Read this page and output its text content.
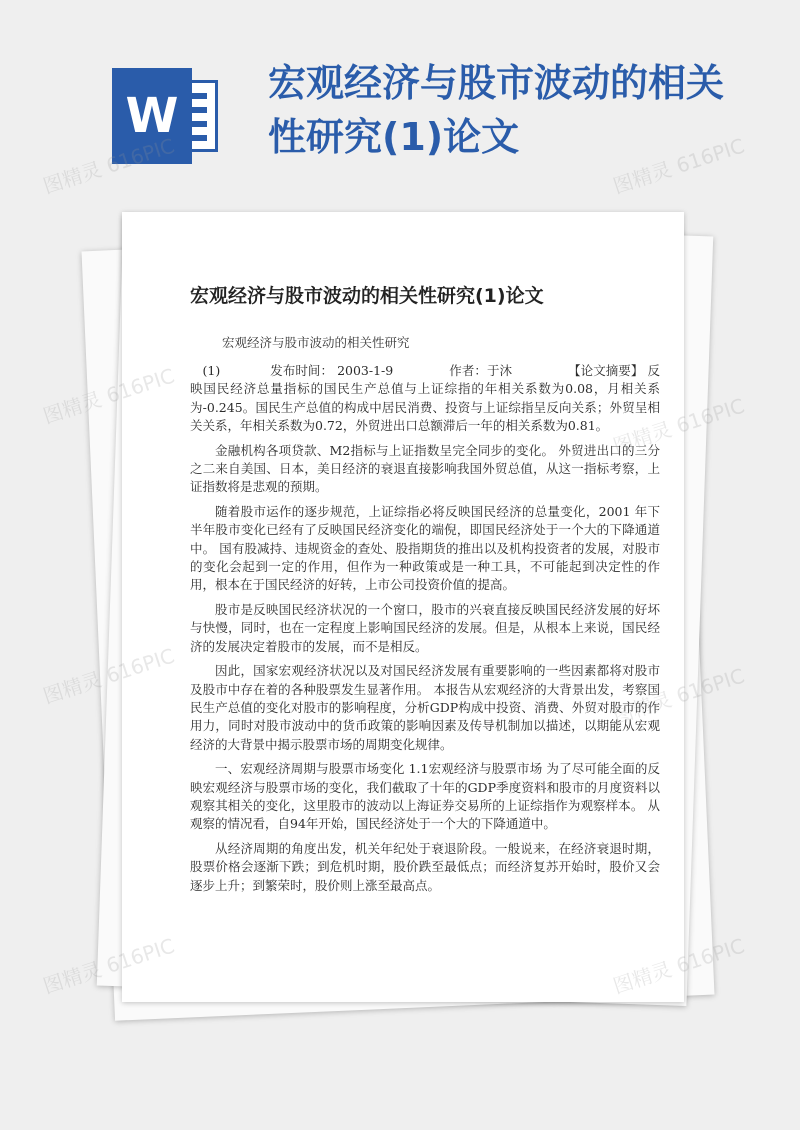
W
宏观经济与股市波动的相关性研究(1)论文
宏观经济与股市波动的相关性研究(1)论文

宏观经济与股市波动的相关性研究

(1)	发布时间： 2003-1-9	作者：于沐	【论文摘要】 反映国民经济总量指标的国民生产总值与上证综指的年相关系数为0.08，月相关系为-0.245。国民生产总值的构成中居民消费、投资与上证综指呈反向关系；外贸呈相关关系，年相关系数为0.72，外贸进出口总额滞后一年的相关系数为0.81。

金融机构各项贷款、M2指标与上证指数呈完全同步的变化。 外贸进出口的三分之二来自美国、日本，美日经济的衰退直接影响我国外贸总值，从这一指标考察，上证指数将是悲观的预期。

随着股市运作的逐步规范，上证综指必将反映国民经济的总量变化，2001 年下半年股市变化已经有了反映国民经济变化的端倪，即国民经济处于一个大的下降通道中。 国有股减持、违规资金的查处、股指期货的推出以及机构投资者的发展，对股市的变化会起到一定的作用，但作为一种政策或是一种工具，不可能起到决定性的作用，根本在于国民经济的好转，上市公司投资价值的提高。

股市是反映国民经济状况的一个窗口，股市的兴衰直接反映国民经济发展的好坏与快慢，同时，也在一定程度上影响国民经济的发展。但是，从根本上来说，国民经济的发展决定着股市的发展，而不是相反。

因此，国家宏观经济状况以及对国民经济发展有重要影响的一些因素都将对股市及股市中存在着的各种股票发生显著作用。 本报告从宏观经济的大背景出发，考察国民生产总值的变化对股市的影响程度，分析GDP构成中投资、消费、外贸对股市的作用力，同时对股市波动中的货币政策的影响因素及传导机制加以描述，以期能从宏观经济的大背景中揭示股票市场的周期变化规律。

一、宏观经济周期与股票市场变化 1.1宏观经济与股票市场 为了尽可能全面的反映宏观经济与股票市场的变化，我们截取了十年的GDP季度资料和股市的月度资料以观察其相关的变化，这里股市的波动以上海证券交易所的上证综指作为观察样本。 从观察的情况看，自94年开始，国民经济处于一个大的下降通道中。

从经济周期的角度出发，机关年纪处于衰退阶段。一般说来，在经济衰退时期，股票价格会逐渐下跌；到危机时期，股价跌至最低点；而经济复苏开始时，股价又会逐步上升；到繁荣时，股价则上涨至最高点。

图精灵 616PIC	图精灵 616PIC
图精灵 616PIC	图精灵 616PIC
图精灵 616PIC	图精灵 616PIC
图精灵 616PIC	图精灵 616PIC
